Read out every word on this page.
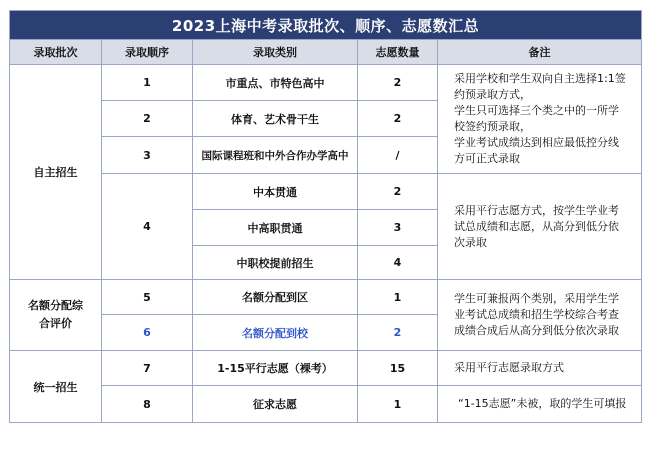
2023上海中考录取批次、顺序、志愿数汇总				
录取批次	录取顺序	录取类别	志愿数量	备注
自主招生	1	市重点、市特色高中	2	采用学校和学生双向自主选择1:1签约预录取方式，

学生只可选择三个类之中的一所学校签约预录取，

学业考试成绩达到相应最低控分线方可正式录取

	2	体育、艺术骨干生	2	
	3	国际课程班和中外合作办学高中	/	
	4	中本贯通	2	采用平行志愿方式，按学生学业考试总成绩和志愿，从高分到低分依次录取
		中高职贯通	3	
		中职校提前招生	4	
名额分配综合评价	5	名额分配到区	1	学生可兼报两个类别，采用学生学业考试总成绩和招生学校综合考查成绩合成后从高分到低分依次录取
	6	名额分配到校	2	
统一招生	7	1-15平行志愿（裸考）	15	采用平行志愿录取方式
	8	征求志愿	1	“1-15志愿”未被，取的学生可填报
